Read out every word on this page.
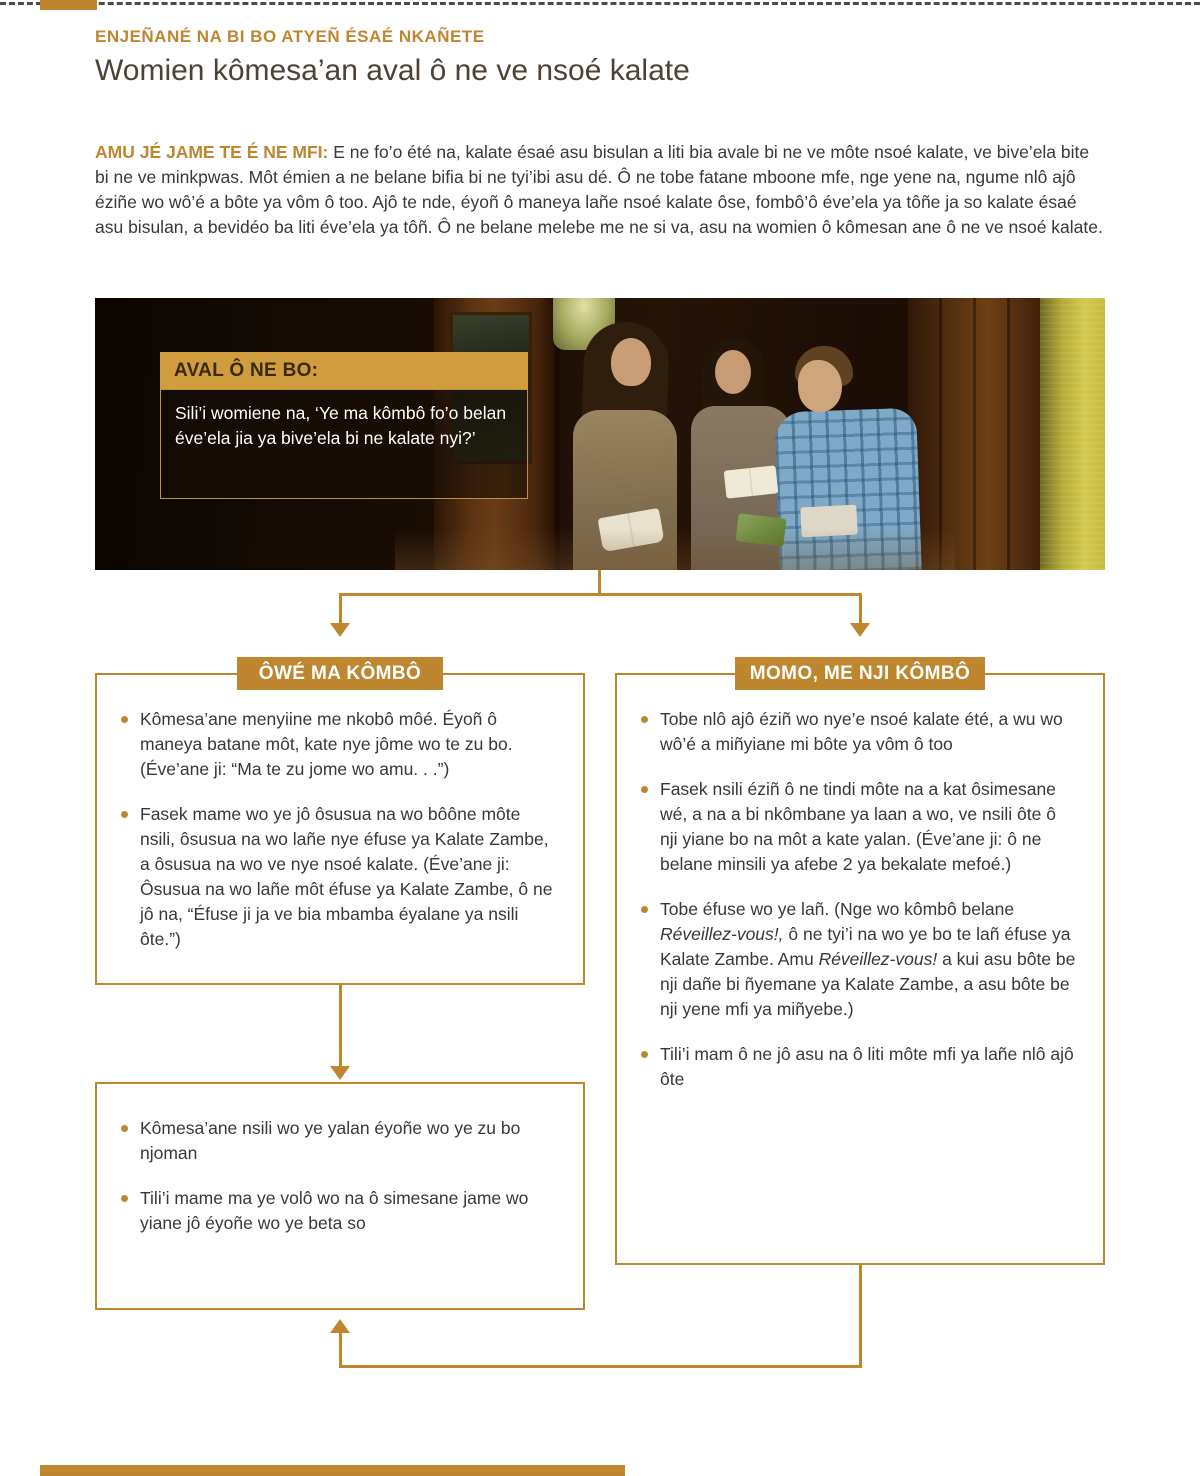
ENJEÑANÉ NA BI BO ATYEÑ ÉSAÉ NKAÑETE
Womien kômesa’an aval ô ne ve nsoé kalate

AMU JÉ JAME TE É NE MFI: E ne fo’o été na, kalate ésaé asu bisulan a liti bia avale bi ne ve môte nsoé kalate, ve bive’ela bite bi ne ve minkpwas. Môt émien a ne belane bifia bi ne tyi’ibi asu dé. Ô ne tobe fatane mboone mfe, nge yene na, ngume nlô ajô éziñe wo wô’é a bôte ya vôm ô too. Ajô te nde, éyoñ ô maneya lañe nsoé kalate ôse, fombô’ô éve’ela ya tôñe ja so kalate ésaé asu bisulan, a bevidéo ba liti éve’ela ya tôñ. Ô ne belane melebe me ne si va, asu na womien ô kômesan ane ô ne ve nsoé kalate.

AVAL Ô NE BO:
Sili’i womiene na, ‘Ye ma kômbô fo’o belan éve’ela jia ya bive’ela bi ne kalate nyi?’
Kômesa’ane menyiine me nkobô môé. Éyoñ ô maneya batane môt, kate nye jôme wo te zu bo. (Éve’ane ji: “Ma te zu jome wo amu. . .”)
Fasek mame wo ye jô ôsusua na wo bôône môte nsili, ôsusua na wo lañe nye éfuse ya Kalate Zambe, a ôsusua na wo ve nye nsoé kalate. (Éve’ane ji: Ôsusua na wo lañe môt éfuse ya Kalate Zambe, ô ne jô na, “Éfuse ji ja ve bia mbamba éyalane ya nsili ôte.”)
ÔWÉ MA KÔMBÔ
Tobe nlô ajô éziñ wo nye’e nsoé kalate été, a wu wo wô’é a miñyiane mi bôte ya vôm ô too
Fasek nsili éziñ ô ne tindi môte na a kat ôsimesane wé, a na a bi nkômbane ya laan a wo, ve nsili ôte ô nji yiane bo na môt a kate yalan. (Éve’ane ji: ô ne belane minsili ya afebe 2 ya bekalate mefoé.)
Tobe éfuse wo ye lañ. (Nge wo kômbô belane Réveillez-vous!, ô ne tyi’i na wo ye bo te lañ éfuse ya Kalate Zambe. Amu Réveillez-vous! a kui asu bôte be nji dañe bi ñyemane ya Kalate Zambe, a asu bôte be nji yene mfi ya miñyebe.)
Tili’i mam ô ne jô asu na ô liti môte mfi ya lañe nlô ajô ôte
MOMO, ME NJI KÔMBÔ
Kômesa’ane nsili wo ye yalan éyoñe wo ye zu bo njoman
Tili’i mame ma ye volô wo na ô simesane jame wo yiane jô éyoñe wo ye beta so
